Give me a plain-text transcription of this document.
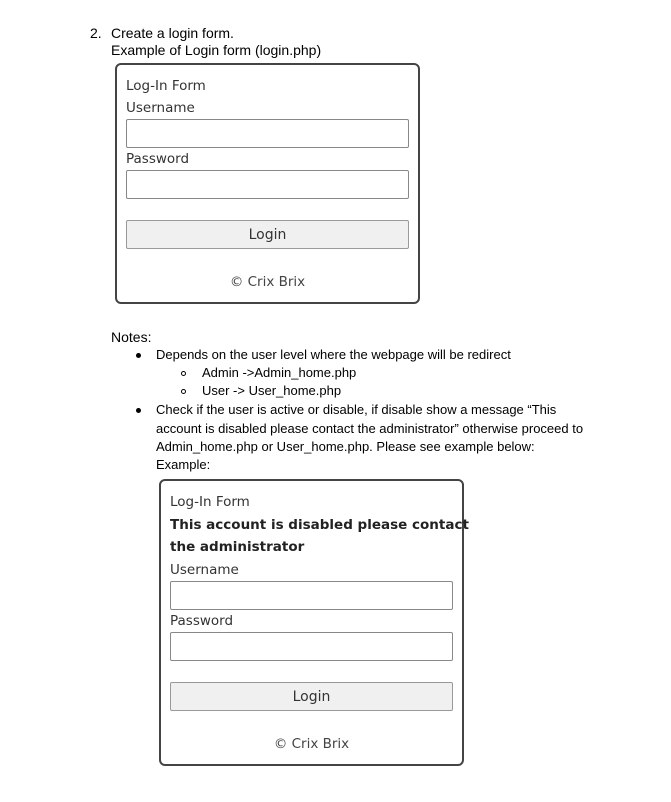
2. Create a login form.
Example of Login form (login.php)
Log-In Form
Username
Password
Login
© Crix Brix
Notes:
Depends on the user level where the webpage will be redirect
Admin ->Admin_home.php
User -> User_home.php
Check if the user is active or disable, if disable show a message “This
account is disabled please contact the administrator” otherwise proceed to
Admin_home.php or User_home.php. Please see example below:
Example:
Log-In Form
This account is disabled please contact
the administrator
Username
Password
Login
© Crix Brix
